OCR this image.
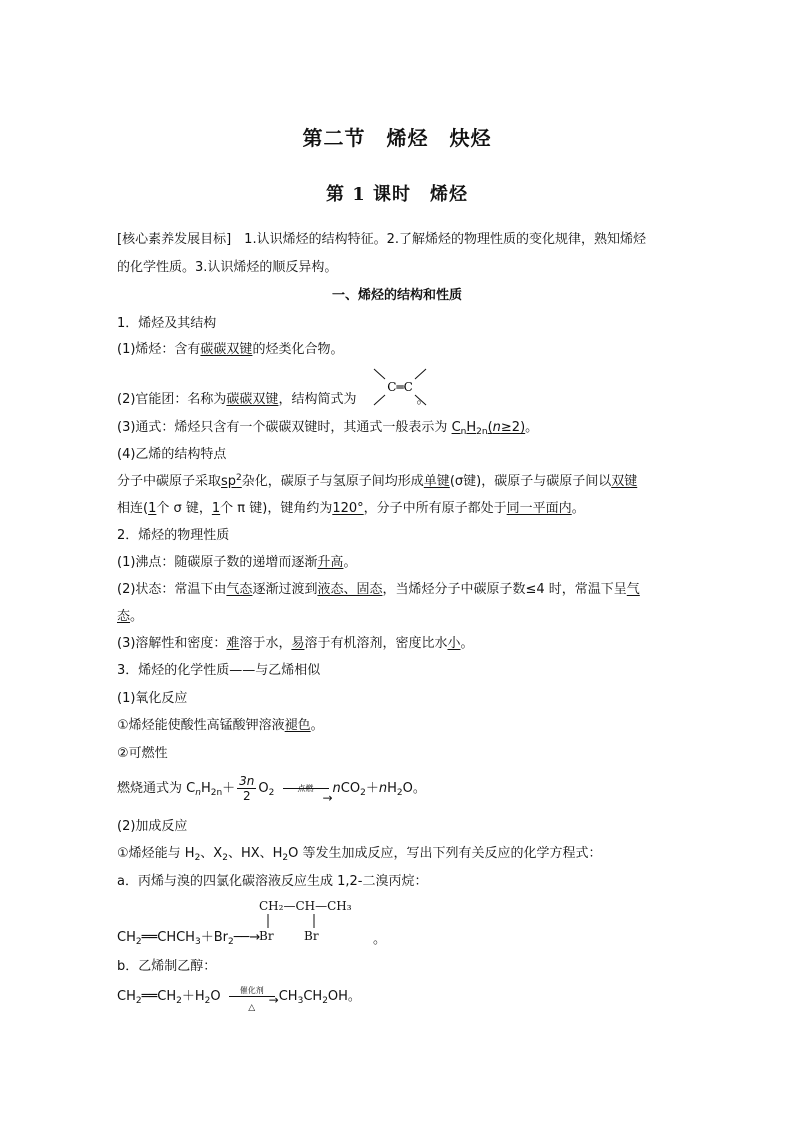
第二节　烯烃　炔烃
第 1 课时　烯烃
[核心素养发展目标]　 1.认识烯烃的结构特征。2.了解烯烃的物理性质的变化规律，熟知烯烃
的化学性质。3.认识烯烃的顺反异构。
一、烯烃的结构和性质
1．烯烃及其结构
(1)烯烃：含有碳碳双键的烃类化合物。
C═C
(2)官能团：名称为碳碳双键，结构简式为	。
(3)通式：烯烃只含有一个碳碳双键时，其通式一般表示为 $C_nH_{2n}(n\ge 2)$。
(4)乙烯的结构特点
分子中碳原子采取$sp^2$杂化，碳原子与氢原子间均形成单键(σ键)，碳原子与碳原子间以双键
相连(1个 σ 键，1个 π 键)，键角约为120°，分子中所有原子都处于同一平面内。
2．烯烃的物理性质
(1)沸点：随碳原子数的递增而逐渐升高。
(2)状态：常温下由气态逐渐过渡到液态、固态，当烯烃分子中碳原子数≤4 时，常温下呈气
态。
(3)溶解性和密度：难溶于水，易溶于有机溶剂，密度比水小。
3．烯烃的化学性质——与乙烯相似
(1)氧化反应
①烯烃能使酸性高锰酸钾溶液褪色。
②可燃性
燃烧通式为 $C_nH_{2n}+ \frac{3n}{2} O_2$	点燃
→
$nCO_2+nH_2O$。
(2)加成反应
①烯烃能与 $H_2$、$X_2$、HX、$H_2O$ 等发生加成反应，写出下列有关反应的化学方程式：
a．丙烯与溴的四氯化碳溶液反应生成 1,2-二溴丙烷：
CH₂—CH—CH₃
$CH_2══CHCH_3+Br_2──\to$
Br	Br	。
b．乙烯制乙醇：
$CH_2══CH_2+H_2O$	催化剂
→
△
$CH_3CH_2OH$。
